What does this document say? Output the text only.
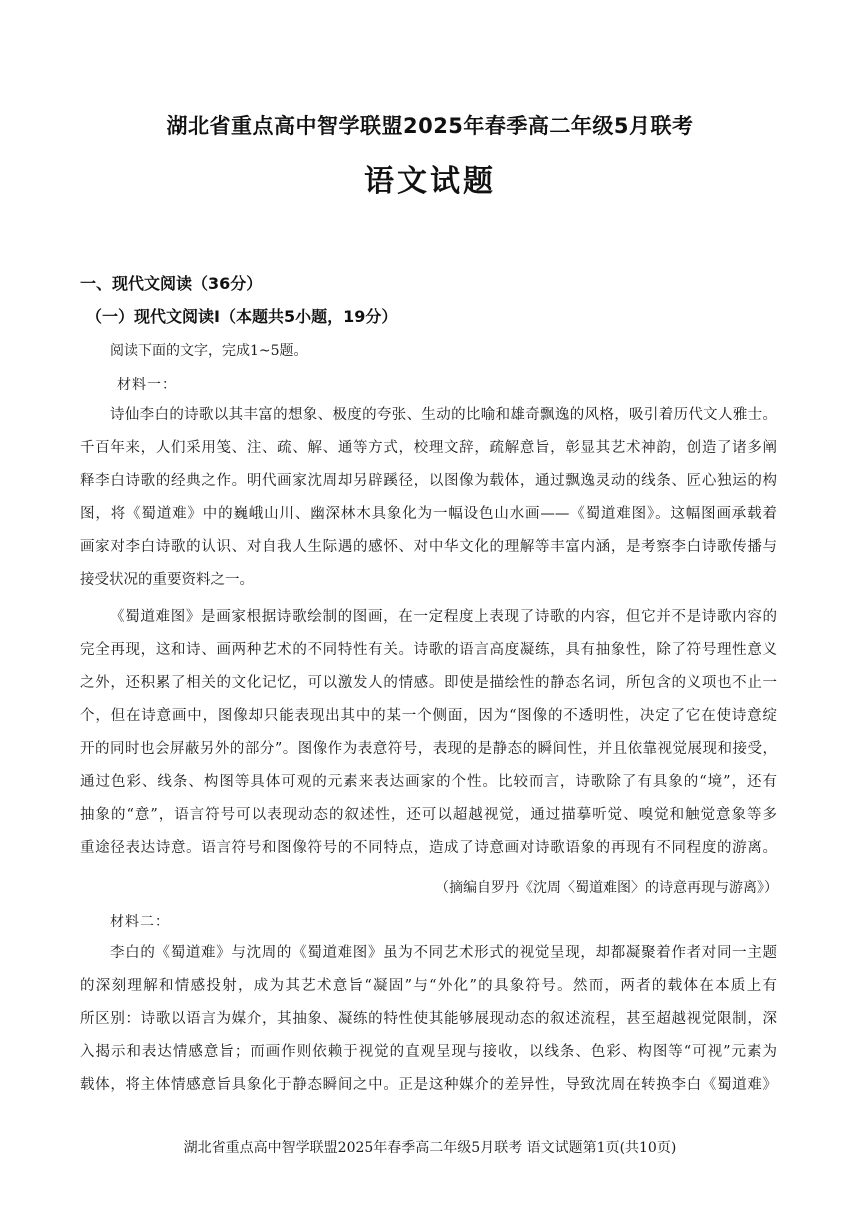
湖北省重点高中智学联盟2025年春季高二年级5月联考
语文试题
一、现代文阅读（36分）
（一）现代文阅读Ⅰ（本题共5小题，19分）
阅读下面的文字，完成1~5题。
材料一：
诗仙李白的诗歌以其丰富的想象、极度的夸张、生动的比喻和雄奇飘逸的风格，吸引着历代文人雅士。
千百年来，人们采用笺、注、疏、解、通等方式，校理文辞，疏解意旨，彰显其艺术神韵，创造了诸多阐
释李白诗歌的经典之作。明代画家沈周却另辟蹊径，以图像为载体，通过飘逸灵动的线条、匠心独运的构
图，将《蜀道难》中的巍峨山川、幽深林木具象化为一幅设色山水画——《蜀道难图》。这幅图画承载着
画家对李白诗歌的认识、对自我人生际遇的感怀、对中华文化的理解等丰富内涵，是考察李白诗歌传播与
接受状况的重要资料之一。
《蜀道难图》是画家根据诗歌绘制的图画，在一定程度上表现了诗歌的内容，但它并不是诗歌内容的
完全再现，这和诗、画两种艺术的不同特性有关。诗歌的语言高度凝练，具有抽象性，除了符号理性意义
之外，还积累了相关的文化记忆，可以激发人的情感。即使是描绘性的静态名词，所包含的义项也不止一
个，但在诗意画中，图像却只能表现出其中的某一个侧面，因为“图像的不透明性，决定了它在使诗意绽
开的同时也会屏蔽另外的部分”。图像作为表意符号，表现的是静态的瞬间性，并且依靠视觉展现和接受，
通过色彩、线条、构图等具体可观的元素来表达画家的个性。比较而言，诗歌除了有具象的“境”，还有
抽象的“意”，语言符号可以表现动态的叙述性，还可以超越视觉，通过描摹听觉、嗅觉和触觉意象等多
重途径表达诗意。语言符号和图像符号的不同特点，造成了诗意画对诗歌语象的再现有不同程度的游离。
（摘编自罗丹《沈周〈蜀道难图〉的诗意再现与游离》）
材料二：
李白的《蜀道难》与沈周的《蜀道难图》虽为不同艺术形式的视觉呈现，却都凝聚着作者对同一主题
的深刻理解和情感投射，成为其艺术意旨“凝固”与“外化”的具象符号。然而，两者的载体在本质上有
所区别：诗歌以语言为媒介，其抽象、凝练的特性使其能够展现动态的叙述流程，甚至超越视觉限制，深
入揭示和表达情感意旨；而画作则依赖于视觉的直观呈现与接收，以线条、色彩、构图等“可视”元素为
载体，将主体情感意旨具象化于静态瞬间之中。正是这种媒介的差异性，导致沈周在转换李白《蜀道难》
湖北省重点高中智学联盟2025年春季高二年级5月联考 语文试题第1页(共10页)
